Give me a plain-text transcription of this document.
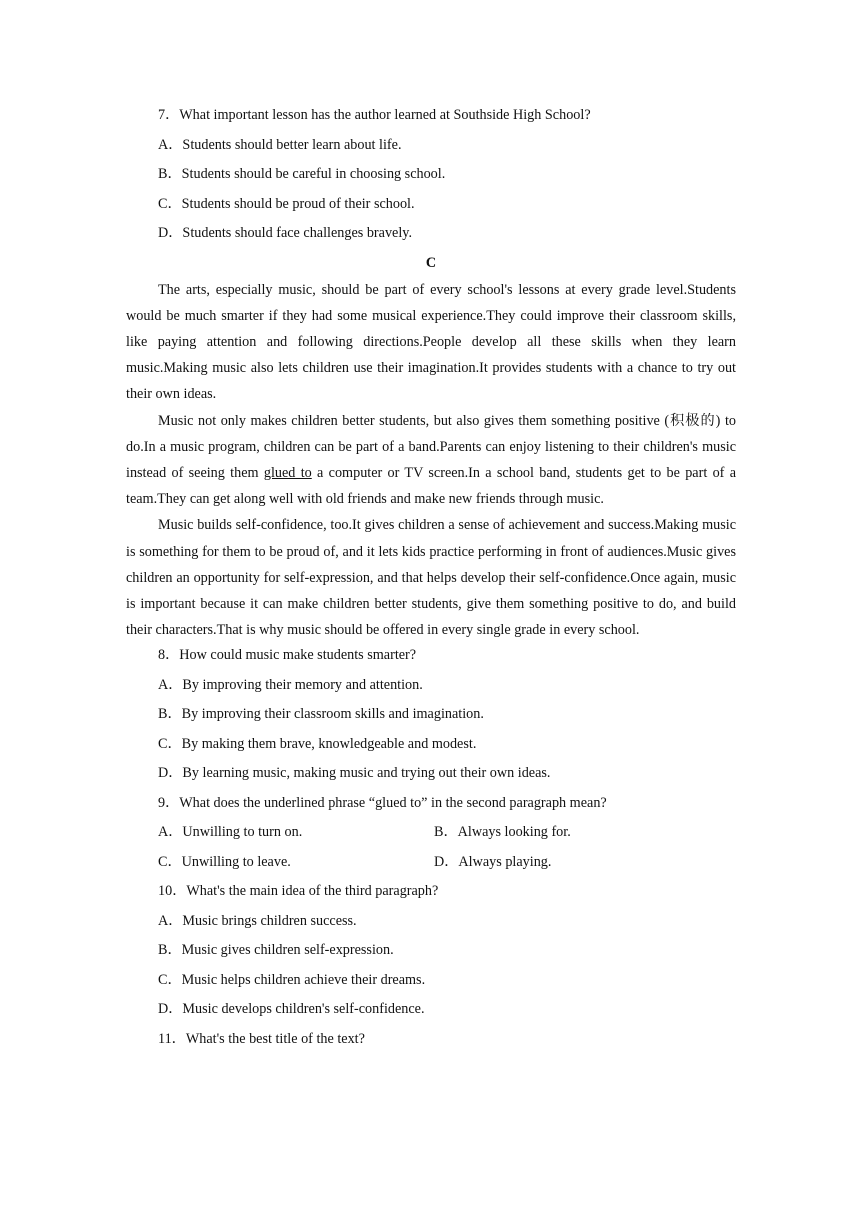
7．What important lesson has the author learned at Southside High School?
A．Students should better learn about life.
B．Students should be careful in choosing school.
C．Students should be proud of their school.
D．Students should face challenges bravely.
C

The arts, especially music, should be part of every school's lessons at every grade level.Students would be much smarter if they had some musical experience.They could improve their classroom skills, like paying attention and following directions.People develop all these skills when they learn music.Making music also lets children use their imagination.It provides students with a chance to try out their own ideas.

Music not only makes children better students, but also gives them something positive (积极的) to do.In a music program, children can be part of a band.Parents can enjoy listening to their children's music instead of seeing them glued to a computer or TV screen.In a school band, students get to be part of a team.They can get along well with old friends and make new friends through music.

Music builds self-confidence, too.It gives children a sense of achievement and success.Making music is something for them to be proud of, and it lets kids practice performing in front of audiences.Music gives children an opportunity for self-expression, and that helps develop their self-confidence.Once again, music is important because it can make children better students, give them something positive to do, and build their characters.That is why music should be offered in every single grade in every school.

8．How could music make students smarter?
A．By improving their memory and attention.
B．By improving their classroom skills and imagination.
C．By making them brave, knowledgeable and modest.
D．By learning music, making music and trying out their own ideas.
9．What does the underlined phrase “glued to” in the second paragraph mean?
A．Unwilling to turn on.	B．Always looking for.
C．Unwilling to leave.	D．Always playing.
10．What's the main idea of the third paragraph?
A．Music brings children success.
B．Music gives children self-expression.
C．Music helps children achieve their dreams.
D．Music develops children's self-confidence.
11．What's the best title of the text?
